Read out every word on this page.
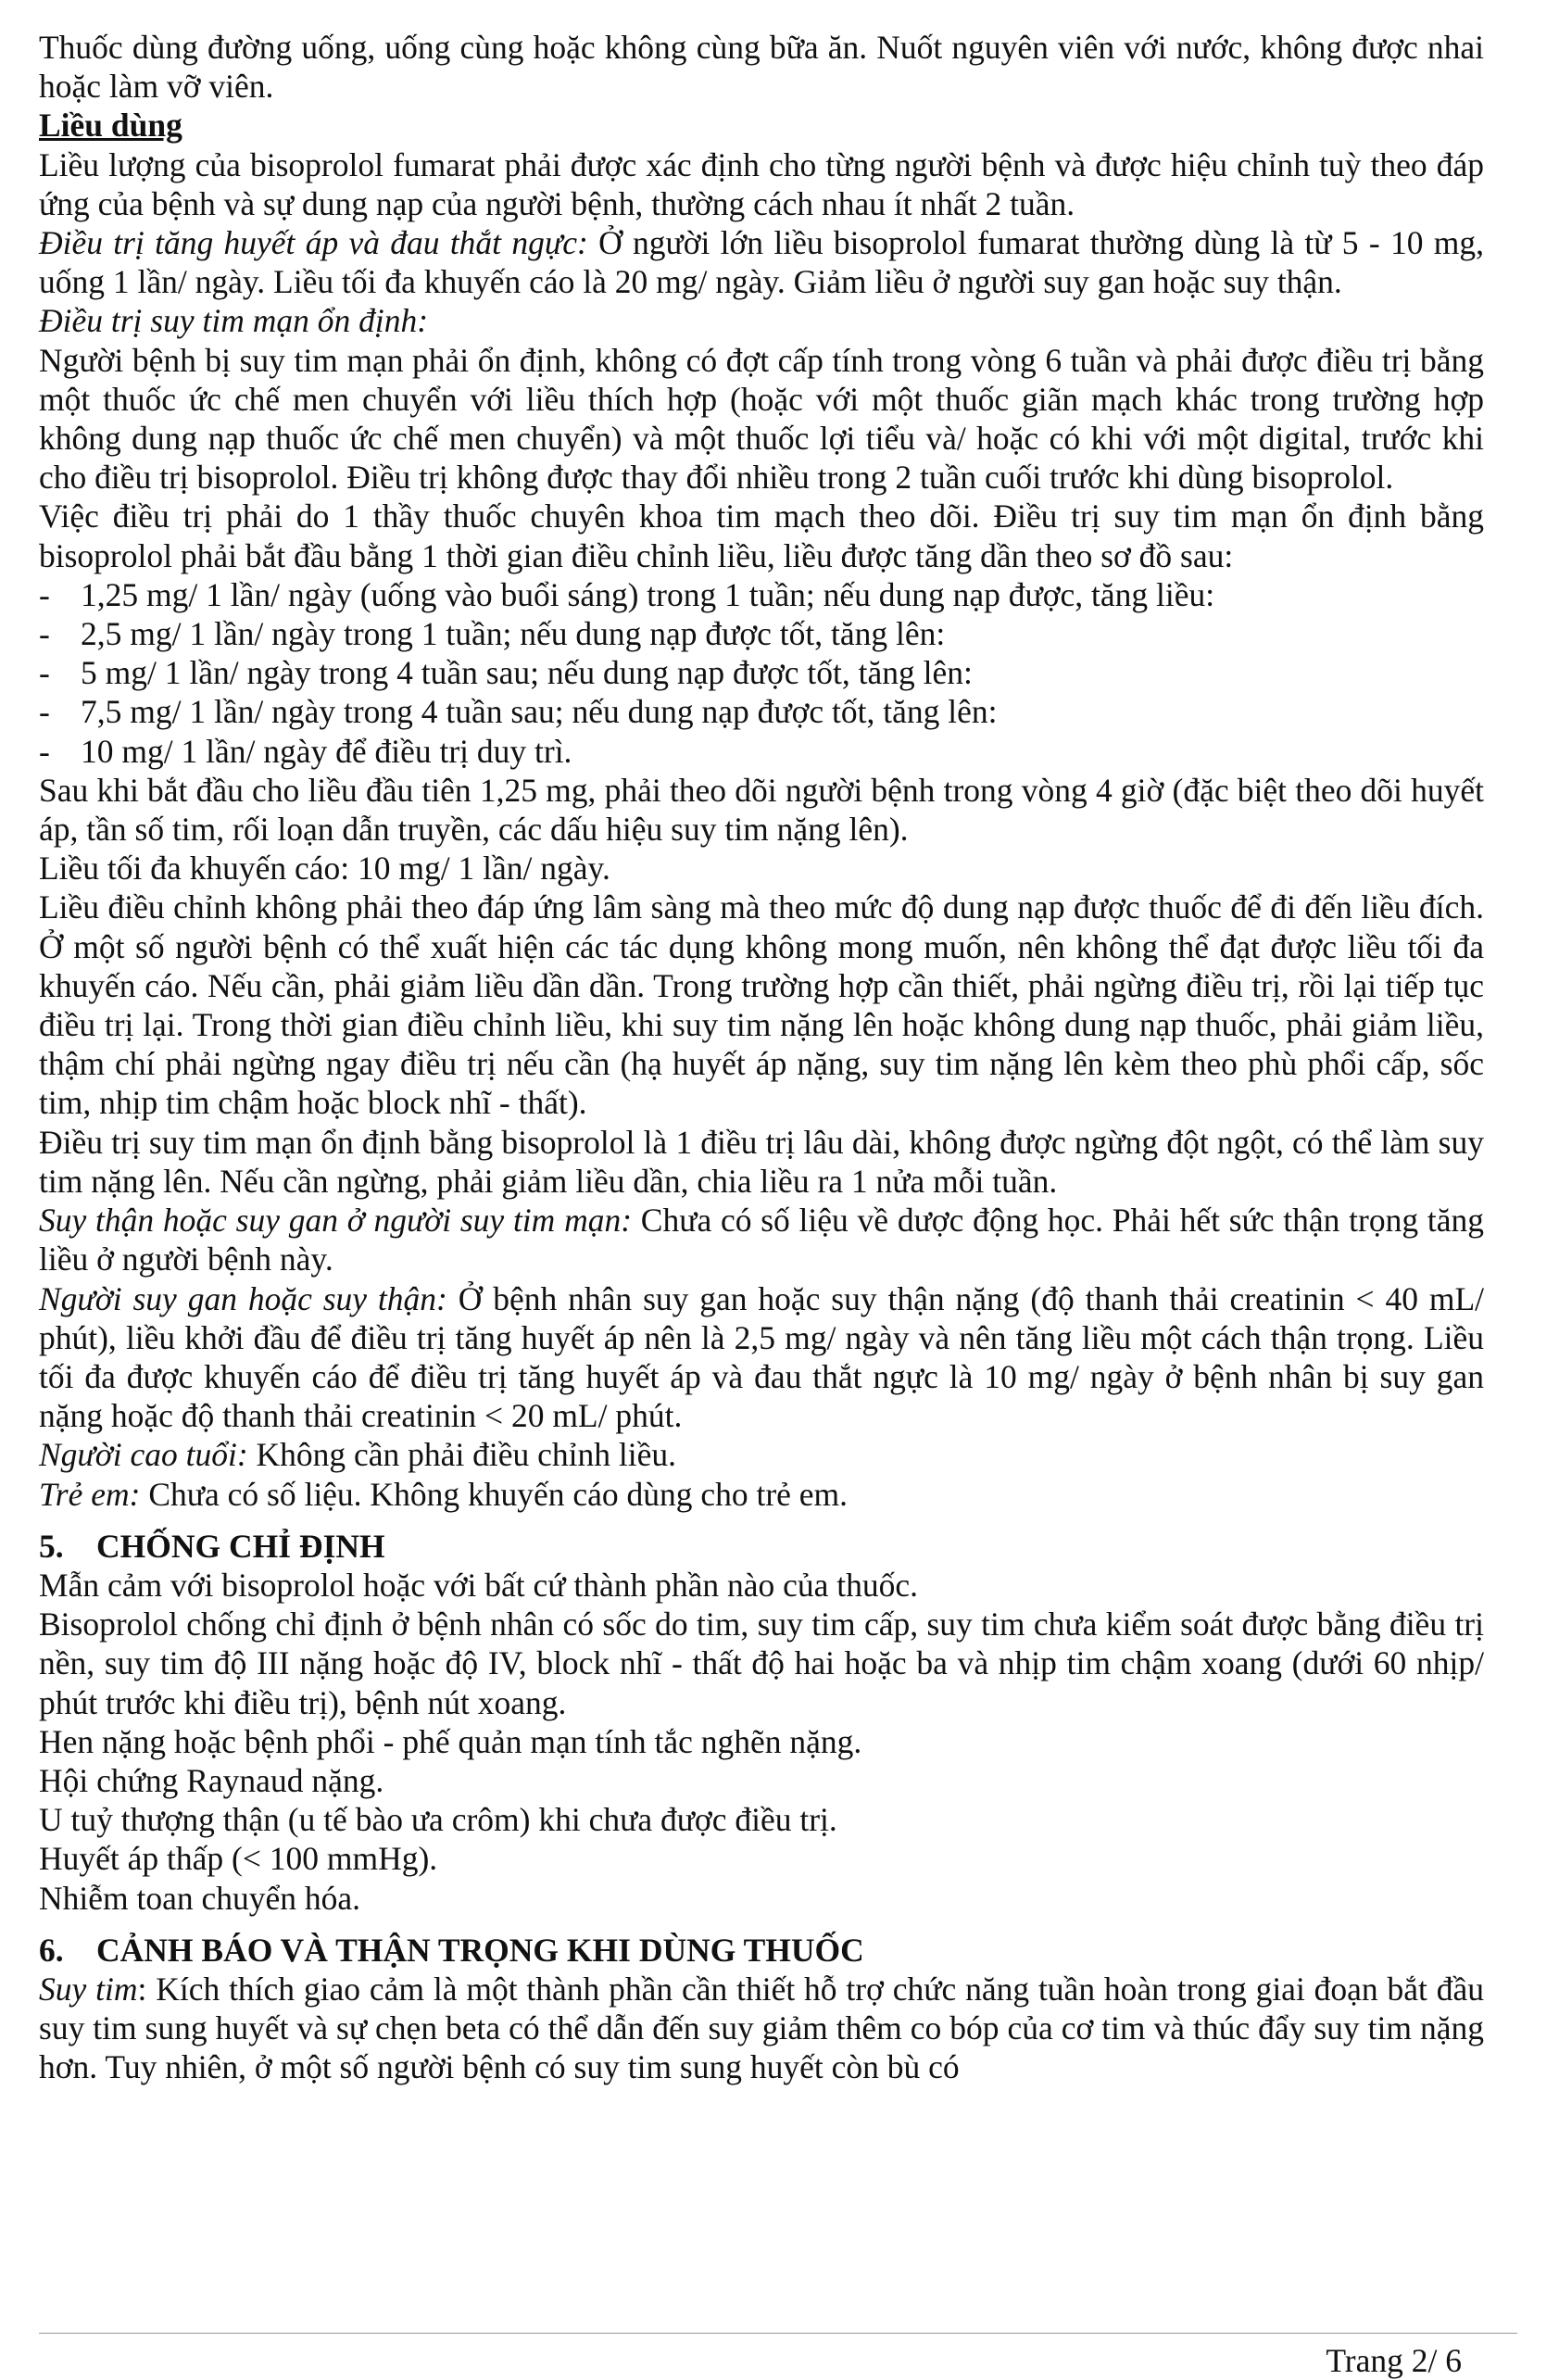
Thuốc dùng đường uống, uống cùng hoặc không cùng bữa ăn. Nuốt nguyên viên với nước, không được nhai hoặc làm vỡ viên.

Liều dùng

Liều lượng của bisoprolol fumarat phải được xác định cho từng người bệnh và được hiệu chỉnh tuỳ theo đáp ứng của bệnh và sự dung nạp của người bệnh, thường cách nhau ít nhất 2 tuần.

Điều trị tăng huyết áp và đau thắt ngực: Ở người lớn liều bisoprolol fumarat thường dùng là từ 5 - 10 mg, uống 1 lần/ ngày. Liều tối đa khuyến cáo là 20 mg/ ngày. Giảm liều ở người suy gan hoặc suy thận.

Điều trị suy tim mạn ổn định:

Người bệnh bị suy tim mạn phải ổn định, không có đợt cấp tính trong vòng 6 tuần và phải được điều trị bằng một thuốc ức chế men chuyển với liều thích hợp (hoặc với một thuốc giãn mạch khác trong trường hợp không dung nạp thuốc ức chế men chuyển) và một thuốc lợi tiểu và/ hoặc có khi với một digital, trước khi cho điều trị bisoprolol. Điều trị không được thay đổi nhiều trong 2 tuần cuối trước khi dùng bisoprolol.

Việc điều trị phải do 1 thầy thuốc chuyên khoa tim mạch theo dõi. Điều trị suy tim mạn ổn định bằng bisoprolol phải bắt đầu bằng 1 thời gian điều chỉnh liều, liều được tăng dần theo sơ đồ sau:

- 1,25 mg/ 1 lần/ ngày (uống vào buổi sáng) trong 1 tuần; nếu dung nạp được, tăng liều:

- 2,5 mg/ 1 lần/ ngày trong 1 tuần; nếu dung nạp được tốt, tăng lên:

- 5 mg/ 1 lần/ ngày trong 4 tuần sau; nếu dung nạp được tốt, tăng lên:

- 7,5 mg/ 1 lần/ ngày trong 4 tuần sau; nếu dung nạp được tốt, tăng lên:

- 10 mg/ 1 lần/ ngày để điều trị duy trì.

Sau khi bắt đầu cho liều đầu tiên 1,25 mg, phải theo dõi người bệnh trong vòng 4 giờ (đặc biệt theo dõi huyết áp, tần số tim, rối loạn dẫn truyền, các dấu hiệu suy tim nặng lên).

Liều tối đa khuyến cáo: 10 mg/ 1 lần/ ngày.

Liều điều chỉnh không phải theo đáp ứng lâm sàng mà theo mức độ dung nạp được thuốc để đi đến liều đích. Ở một số người bệnh có thể xuất hiện các tác dụng không mong muốn, nên không thể đạt được liều tối đa khuyến cáo. Nếu cần, phải giảm liều dần dần. Trong trường hợp cần thiết, phải ngừng điều trị, rồi lại tiếp tục điều trị lại. Trong thời gian điều chỉnh liều, khi suy tim nặng lên hoặc không dung nạp thuốc, phải giảm liều, thậm chí phải ngừng ngay điều trị nếu cần (hạ huyết áp nặng, suy tim nặng lên kèm theo phù phổi cấp, sốc tim, nhịp tim chậm hoặc block nhĩ - thất).

Điều trị suy tim mạn ổn định bằng bisoprolol là 1 điều trị lâu dài, không được ngừng đột ngột, có thể làm suy tim nặng lên. Nếu cần ngừng, phải giảm liều dần, chia liều ra 1 nửa mỗi tuần.

Suy thận hoặc suy gan ở người suy tim mạn: Chưa có số liệu về dược động học. Phải hết sức thận trọng tăng liều ở người bệnh này.

Người suy gan hoặc suy thận: Ở bệnh nhân suy gan hoặc suy thận nặng (độ thanh thải creatinin < 40 mL/ phút), liều khởi đầu để điều trị tăng huyết áp nên là 2,5 mg/ ngày và nên tăng liều một cách thận trọng. Liều tối đa được khuyến cáo để điều trị tăng huyết áp và đau thắt ngực là 10 mg/ ngày ở bệnh nhân bị suy gan nặng hoặc độ thanh thải creatinin < 20 mL/ phút.

Người cao tuổi: Không cần phải điều chỉnh liều.

Trẻ em: Chưa có số liệu. Không khuyến cáo dùng cho trẻ em.

5. CHỐNG CHỈ ĐỊNH

Mẫn cảm với bisoprolol hoặc với bất cứ thành phần nào của thuốc.

Bisoprolol chống chỉ định ở bệnh nhân có sốc do tim, suy tim cấp, suy tim chưa kiểm soát được bằng điều trị nền, suy tim độ III nặng hoặc độ IV, block nhĩ - thất độ hai hoặc ba và nhịp tim chậm xoang (dưới 60 nhịp/ phút trước khi điều trị), bệnh nút xoang.

Hen nặng hoặc bệnh phổi - phế quản mạn tính tắc nghẽn nặng.

Hội chứng Raynaud nặng.

U tuỷ thượng thận (u tế bào ưa crôm) khi chưa được điều trị.

Huyết áp thấp (< 100 mmHg).

Nhiễm toan chuyển hóa.

6. CẢNH BÁO VÀ THẬN TRỌNG KHI DÙNG THUỐC

Suy tim: Kích thích giao cảm là một thành phần cần thiết hỗ trợ chức năng tuần hoàn trong giai đoạn bắt đầu suy tim sung huyết và sự chẹn beta có thể dẫn đến suy giảm thêm co bóp của cơ tim và thúc đẩy suy tim nặng hơn. Tuy nhiên, ở một số người bệnh có suy tim sung huyết còn bù có

Trang 2/ 6
